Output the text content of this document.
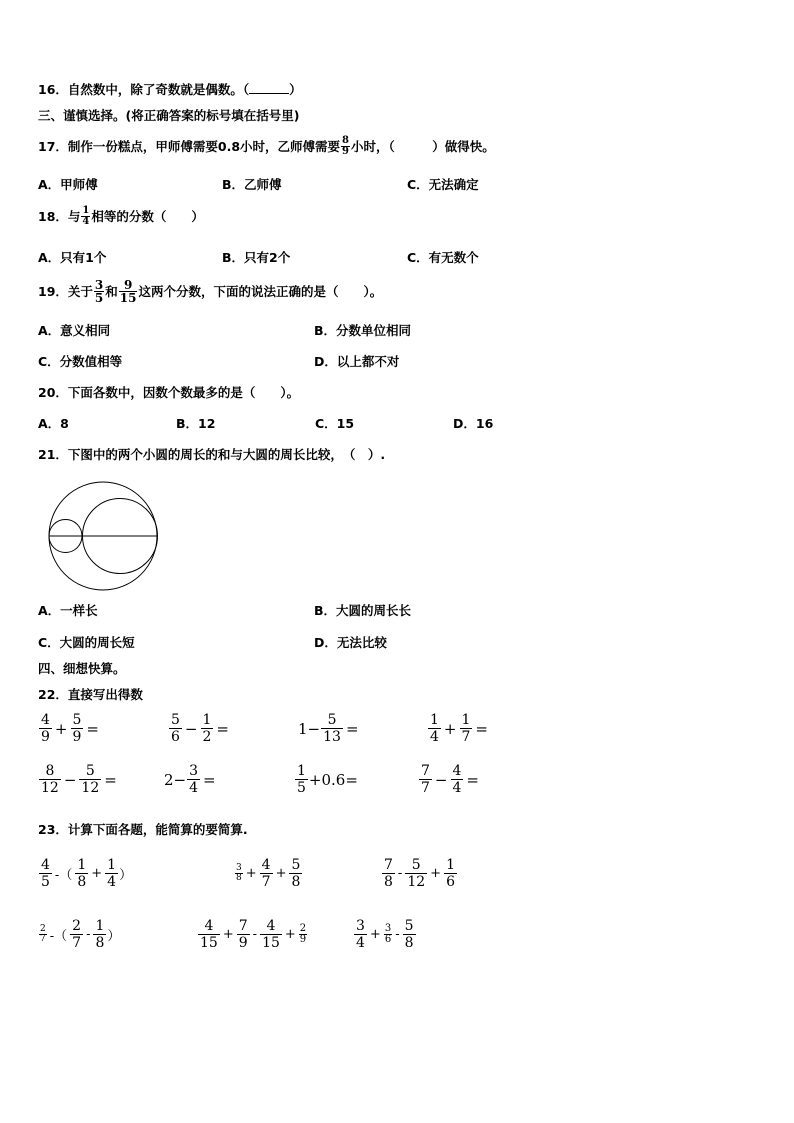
16．自然数中，除了奇数就是偶数。（	）
三、谨慎选择。(将正确答案的标号填在括号里)
17．制作一份糕点，甲师傅需要0.8小时，乙师傅需要 $\frac{8}{9}$ 小时，（　　　）做得快。
A．甲师傅	B．乙师傅	C．无法确定
18．与 $\frac{1}{4}$ 相等的分数（　　）
A．只有1个	B．只有2个	C．有无数个
19．关于 $\frac{3}{5}$ 和 $\frac{9}{15}$ 这两个分数，下面的说法正确的是（　　）。
A．意义相同	B．分数单位相同
C．分数值相等	D．以上都不对
20．下面各数中，因数个数最多的是（　　）。
A．8	B．12	C．15	D．16
21．下图中的两个小圆的周长的和与大圆的周长比较，　（　）.
A．一样长	B．大圆的周长长
C．大圆的周长短	D．无法比较
四、细想快算。
22．直接写出得数
$\frac{4}{9} + \frac{5}{9}$ =	$\frac{5}{6} - \frac{1}{2}$ =	$1- \frac{5}{13}$ =	$\frac{1}{4} + \frac{1}{7}$ =
$\frac{8}{12} - \frac{5}{12}$ =	$2- \frac{3}{4}$ =	$\frac{1}{5} +0.6=$	$\frac{7}{7} - \frac{4}{4}$ =
23．计算下面各题，能简算的要简算.
$\frac{4}{5}$ -（ $\frac{1}{8} + \frac{1}{4}$ ）	$\frac{3}{8} + \frac{4}{7} + \frac{5}{8}$	$\frac{7}{8} - \frac{5}{12} + \frac{1}{6}$
$\frac{2}{7}$ -（ $\frac{2}{7} - \frac{1}{8}$ ）	$\frac{4}{15} + \frac{7}{9} - \frac{4}{15} + \frac{2}{9}$	$\frac{3}{4} + \frac{3}{6} - \frac{5}{8}$
